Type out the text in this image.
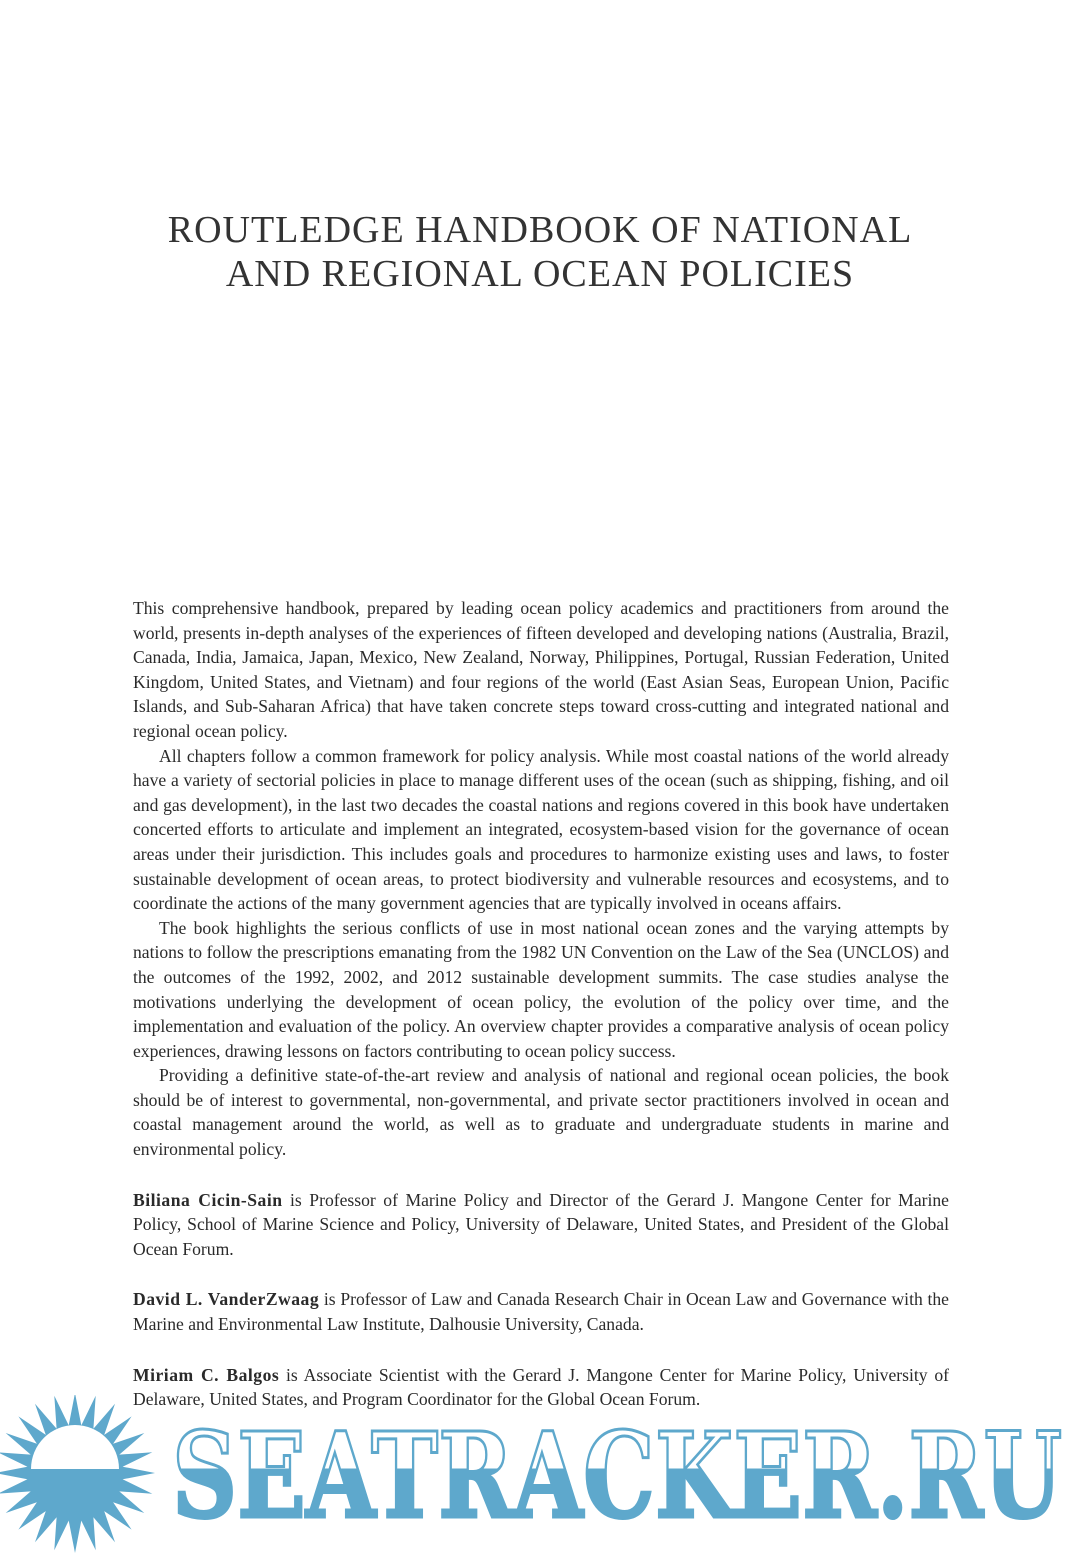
ROUTLEDGE HANDBOOK OF NATIONAL
AND REGIONAL OCEAN POLICIES

This comprehensive handbook, prepared by leading ocean policy academics and practitioners from around the world, presents in-depth analyses of the experiences of fifteen developed and developing nations (Australia, Brazil, Canada, India, Jamaica, Japan, Mexico, New Zealand, Norway, Philippines, Portugal, Russian Federation, United Kingdom, United States, and Vietnam) and four regions of the world (East Asian Seas, European Union, Pacific Islands, and Sub-Saharan Africa) that have taken concrete steps toward cross-cutting and integrated national and regional ocean policy.

All chapters follow a common framework for policy analysis. While most coastal nations of the world already have a variety of sectorial policies in place to manage different uses of the ocean (such as shipping, fishing, and oil and gas development), in the last two decades the coastal nations and regions covered in this book have undertaken concerted efforts to articulate and implement an integrated, ecosystem-based vision for the governance of ocean areas under their jurisdiction. This includes goals and procedures to harmonize existing uses and laws, to foster sustainable development of ocean areas, to protect biodiversity and vulnerable resources and ecosystems, and to coordinate the actions of the many government agencies that are typically involved in oceans affairs.

The book highlights the serious conflicts of use in most national ocean zones and the varying attempts by nations to follow the prescriptions emanating from the 1982 UN Convention on the Law of the Sea (UNCLOS) and the outcomes of the 1992, 2002, and 2012 sustainable development summits. The case studies analyse the motivations underlying the development of ocean policy, the evolution of the policy over time, and the implementation and evaluation of the policy. An overview chapter provides a comparative analysis of ocean policy experiences, drawing lessons on factors contributing to ocean policy success.

Providing a definitive state-of-the-art review and analysis of national and regional ocean policies, the book should be of interest to governmental, non-governmental, and private sector practitioners involved in ocean and coastal management around the world, as well as to graduate and undergraduate students in marine and environmental policy.

Biliana Cicin-Sain is Professor of Marine Policy and Director of the Gerard J. Mangone Center for Marine Policy, School of Marine Science and Policy, University of Delaware, United States, and President of the Global Ocean Forum.

David L. VanderZwaag is Professor of Law and Canada Research Chair in Ocean Law and Governance with the Marine and Environmental Law Institute, Dalhousie University, Canada.

Miriam C. Balgos is Associate Scientist with the Gerard J. Mangone Center for Marine Policy, University of Delaware, United States, and Program Coordinator for the Global Ocean Forum.

SEATRACKER.RU
